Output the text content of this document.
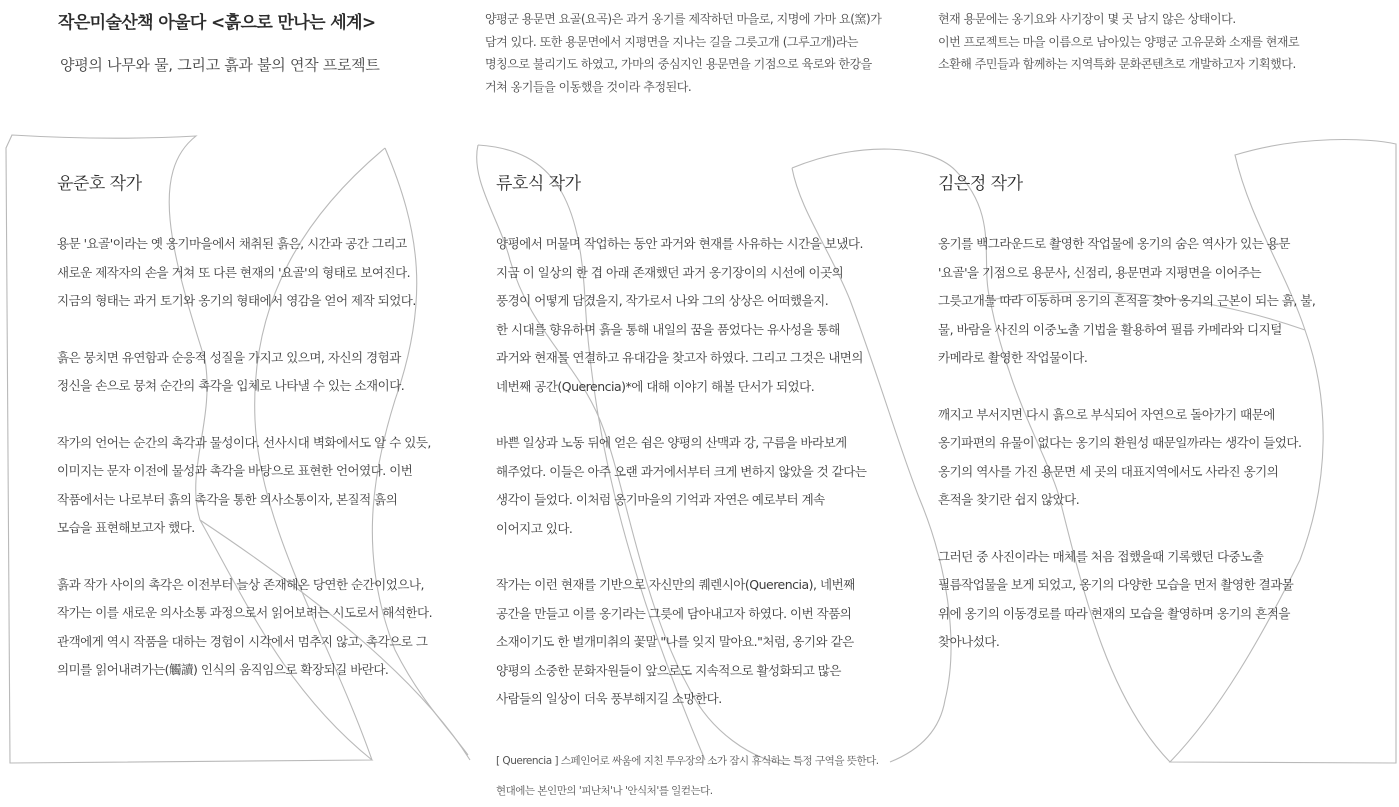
작은미술산책 아울다 <흙으로 만나는 세계>

양평의 나무와 물, 그리고 흙과 불의 연작 프로젝트

양평군 용문면 요골(요곡)은 과거 옹기를 제작하던 마을로, 지명에 가마 요(窯)가
담겨 있다. 또한 용문면에서 지평면을 지나는 길을 그릇고개 (그루고개)라는
명칭으로 불리기도 하였고, 가마의 중심지인 용문면을 기점으로 육로와 한강을
거쳐 옹기들을 이동했을 것이라 추정된다.

현재 용문에는 옹기요와 사기장이 몇 곳 남지 않은 상태이다.
이번 프로젝트는 마을 이름으로 남아있는 양평군 고유문화 소재를 현재로
소환해 주민들과 함께하는 지역특화 문화콘텐츠로 개발하고자 기획했다.

윤준호 작가

용문 '요골'이라는 옛 옹기마을에서 채취된 흙은, 시간과 공간 그리고
새로운 제작자의 손을 거쳐 또 다른 현재의 '요골'의 형태로 보여진다.
지금의 형태는 과거 토기와 옹기의 형태에서 영감을 얻어 제작 되었다.

흙은 뭉치면 유연함과 순응적 성질을 가지고 있으며, 자신의 경험과
정신을 손으로 뭉쳐 순간의 촉각을 입체로 나타낼 수 있는 소재이다.

작가의 언어는 순간의 촉각과 물성이다. 선사시대 벽화에서도 알 수 있듯,
이미지는 문자 이전에 물성과 촉각을 바탕으로 표현한 언어였다. 이번
작품에서는 나로부터 흙의 촉각을 통한 의사소통이자, 본질적 흙의
모습을 표현해보고자 했다.

흙과 작가 사이의 촉각은 이전부터 늘상 존재해온 당연한 순간이었으나,
작가는 이를 새로운 의사소통 과정으로서 읽어보려는 시도로서 해석한다.
관객에게 역시 작품을 대하는 경험이 시각에서 멈추지 않고, 촉각으로 그
의미를 읽어내려가는(觸讀) 인식의 움직임으로 확장되길 바란다.

류호식 작가

양평에서 머물며 작업하는 동안 과거와 현재를 사유하는 시간을 보냈다.
지금 이 일상의 한 겹 아래 존재했던 과거 옹기장이의 시선에 이곳의
풍경이 어떻게 담겼을지, 작가로서 나와 그의 상상은 어떠했을지.
한 시대를 향유하며 흙을 통해 내일의 꿈을 품었다는 유사성을 통해
과거와 현재를 연결하고 유대감을 찾고자 하였다. 그리고 그것은 내면의
네번째 공간(Querencia)*에 대해 이야기 해볼 단서가 되었다.

바쁜 일상과 노동 뒤에 얻은 쉼은 양평의 산맥과 강, 구름을 바라보게
해주었다. 이들은 아주 오랜 과거에서부터 크게 변하지 않았을 것 같다는
생각이 들었다. 이처럼 옹기마을의 기억과 자연은 예로부터 계속
이어지고 있다.

작가는 이런 현재를 기반으로 자신만의 퀘렌시아(Querencia), 네번째
공간을 만들고 이를 옹기라는 그릇에 담아내고자 하였다. 이번 작품의
소재이기도 한 벌개미취의 꽃말 "나를 잊지 말아요."처럼, 옹기와 같은
양평의 소중한 문화자원들이 앞으로도 지속적으로 활성화되고 많은
사람들의 일상이 더욱 풍부해지길 소망한다.

김은정 작가

옹기를 백그라운드로 촬영한 작업물에 옹기의 숨은 역사가 있는 용문
'요골'을 기점으로 용문사, 신점리, 용문면과 지평면을 이어주는
그릇고개를 따라 이동하며 옹기의 흔적을 찾아 옹기의 근본이 되는 흙, 불,
물, 바람을 사진의 이중노출 기법을 활용하여 필름 카메라와 디지털
카메라로 촬영한 작업물이다.

깨지고 부서지면 다시 흙으로 부식되어 자연으로 돌아가기 때문에
옹기파편의 유물이 없다는 옹기의 환원성 때문일까라는 생각이 들었다.
옹기의 역사를 가진 용문면 세 곳의 대표지역에서도 사라진 옹기의
흔적을 찾기란 쉽지 않았다.

그러던 중 사진이라는 매체를 처음 접했을때 기록했던 다중노출
필름작업물을 보게 되었고, 옹기의 다양한 모습을 먼저 촬영한 결과물
위에 옹기의 이동경로를 따라 현재의 모습을 촬영하며 옹기의 흔적을
찾아나섰다.

[ Querencia ] 스페인어로 싸움에 지친 투우장의 소가 잠시 휴식하는 특정 구역을 뜻한다.
현대에는 본인만의 '피난처'나 '안식처'를 일컫는다.
